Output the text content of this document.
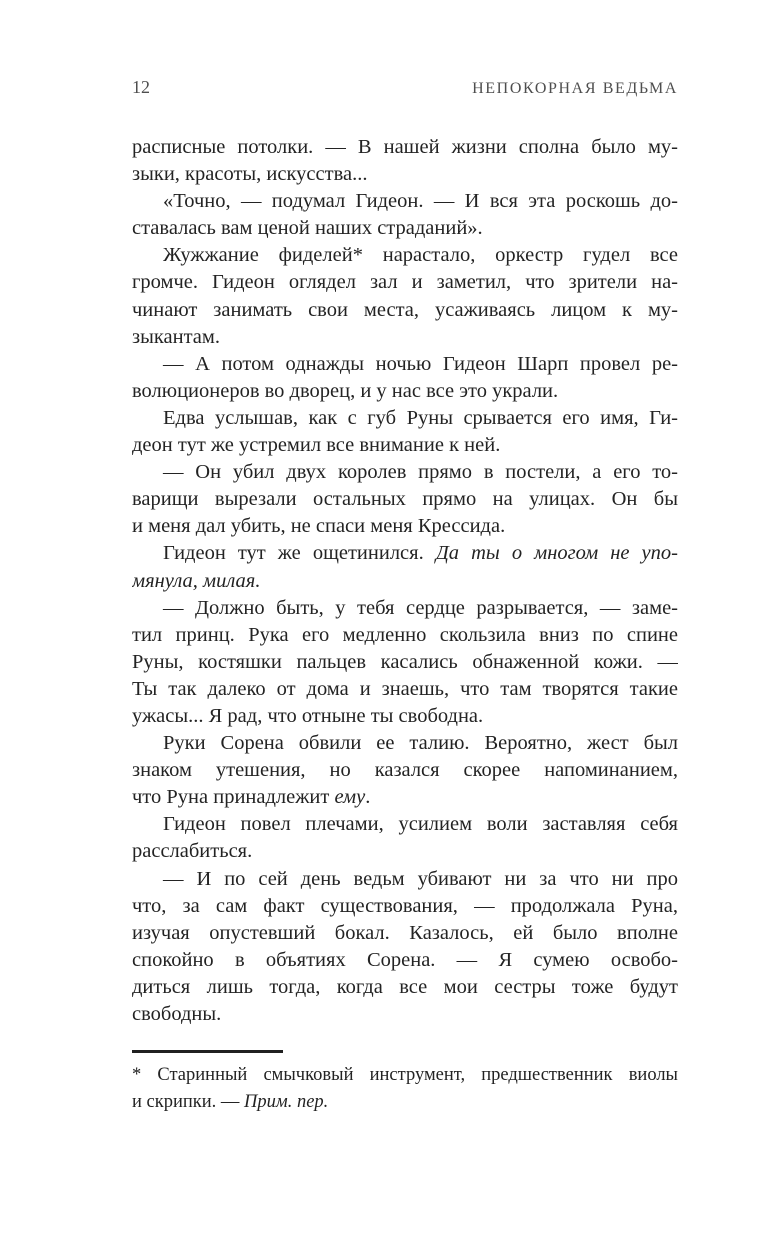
12	НЕПОКОРНАЯ ВЕДЬМА
расписные потолки. — В нашей жизни сполна было му-
зыки, красоты, искусства...
«Точно, — подумал Гидеон. — И вся эта роскошь до-
ставалась вам ценой наших страданий».
Жужжание фиделей* нарастало, оркестр гудел все
громче. Гидеон оглядел зал и заметил, что зрители на-
чинают занимать свои места, усаживаясь лицом к му-
зыкантам.
— А потом однажды ночью Гидеон Шарп провел ре-
волюционеров во дворец, и у нас все это украли.
Едва услышав, как с губ Руны срывается его имя, Ги-
деон тут же устремил все внимание к ней.
— Он убил двух королев прямо в постели, а его то-
варищи вырезали остальных прямо на улицах. Он бы
и меня дал убить, не спаси меня Крессида.
Гидеон тут же ощетинился. Да ты о многом не упо-
мянула, милая.
— Должно быть, у тебя сердце разрывается, — заме-
тил принц. Рука его медленно скользила вниз по спине
Руны, костяшки пальцев касались обнаженной кожи. —
Ты так далеко от дома и знаешь, что там творятся такие
ужасы... Я рад, что отныне ты свободна.
Руки Сорена обвили ее талию. Вероятно, жест был
знаком утешения, но казался скорее напоминанием,
что Руна принадлежит ему.
Гидеон повел плечами, усилием воли заставляя себя
расслабиться.
— И по сей день ведьм убивают ни за что ни про
что, за сам факт существования, — продолжала Руна,
изучая опустевший бокал. Казалось, ей было вполне
спокойно в объятиях Сорена. — Я сумею освобо-
диться лишь тогда, когда все мои сестры тоже будут
свободны.
* Старинный смычковый инструмент, предшественник виолы
и скрипки. — Прим. пер.
